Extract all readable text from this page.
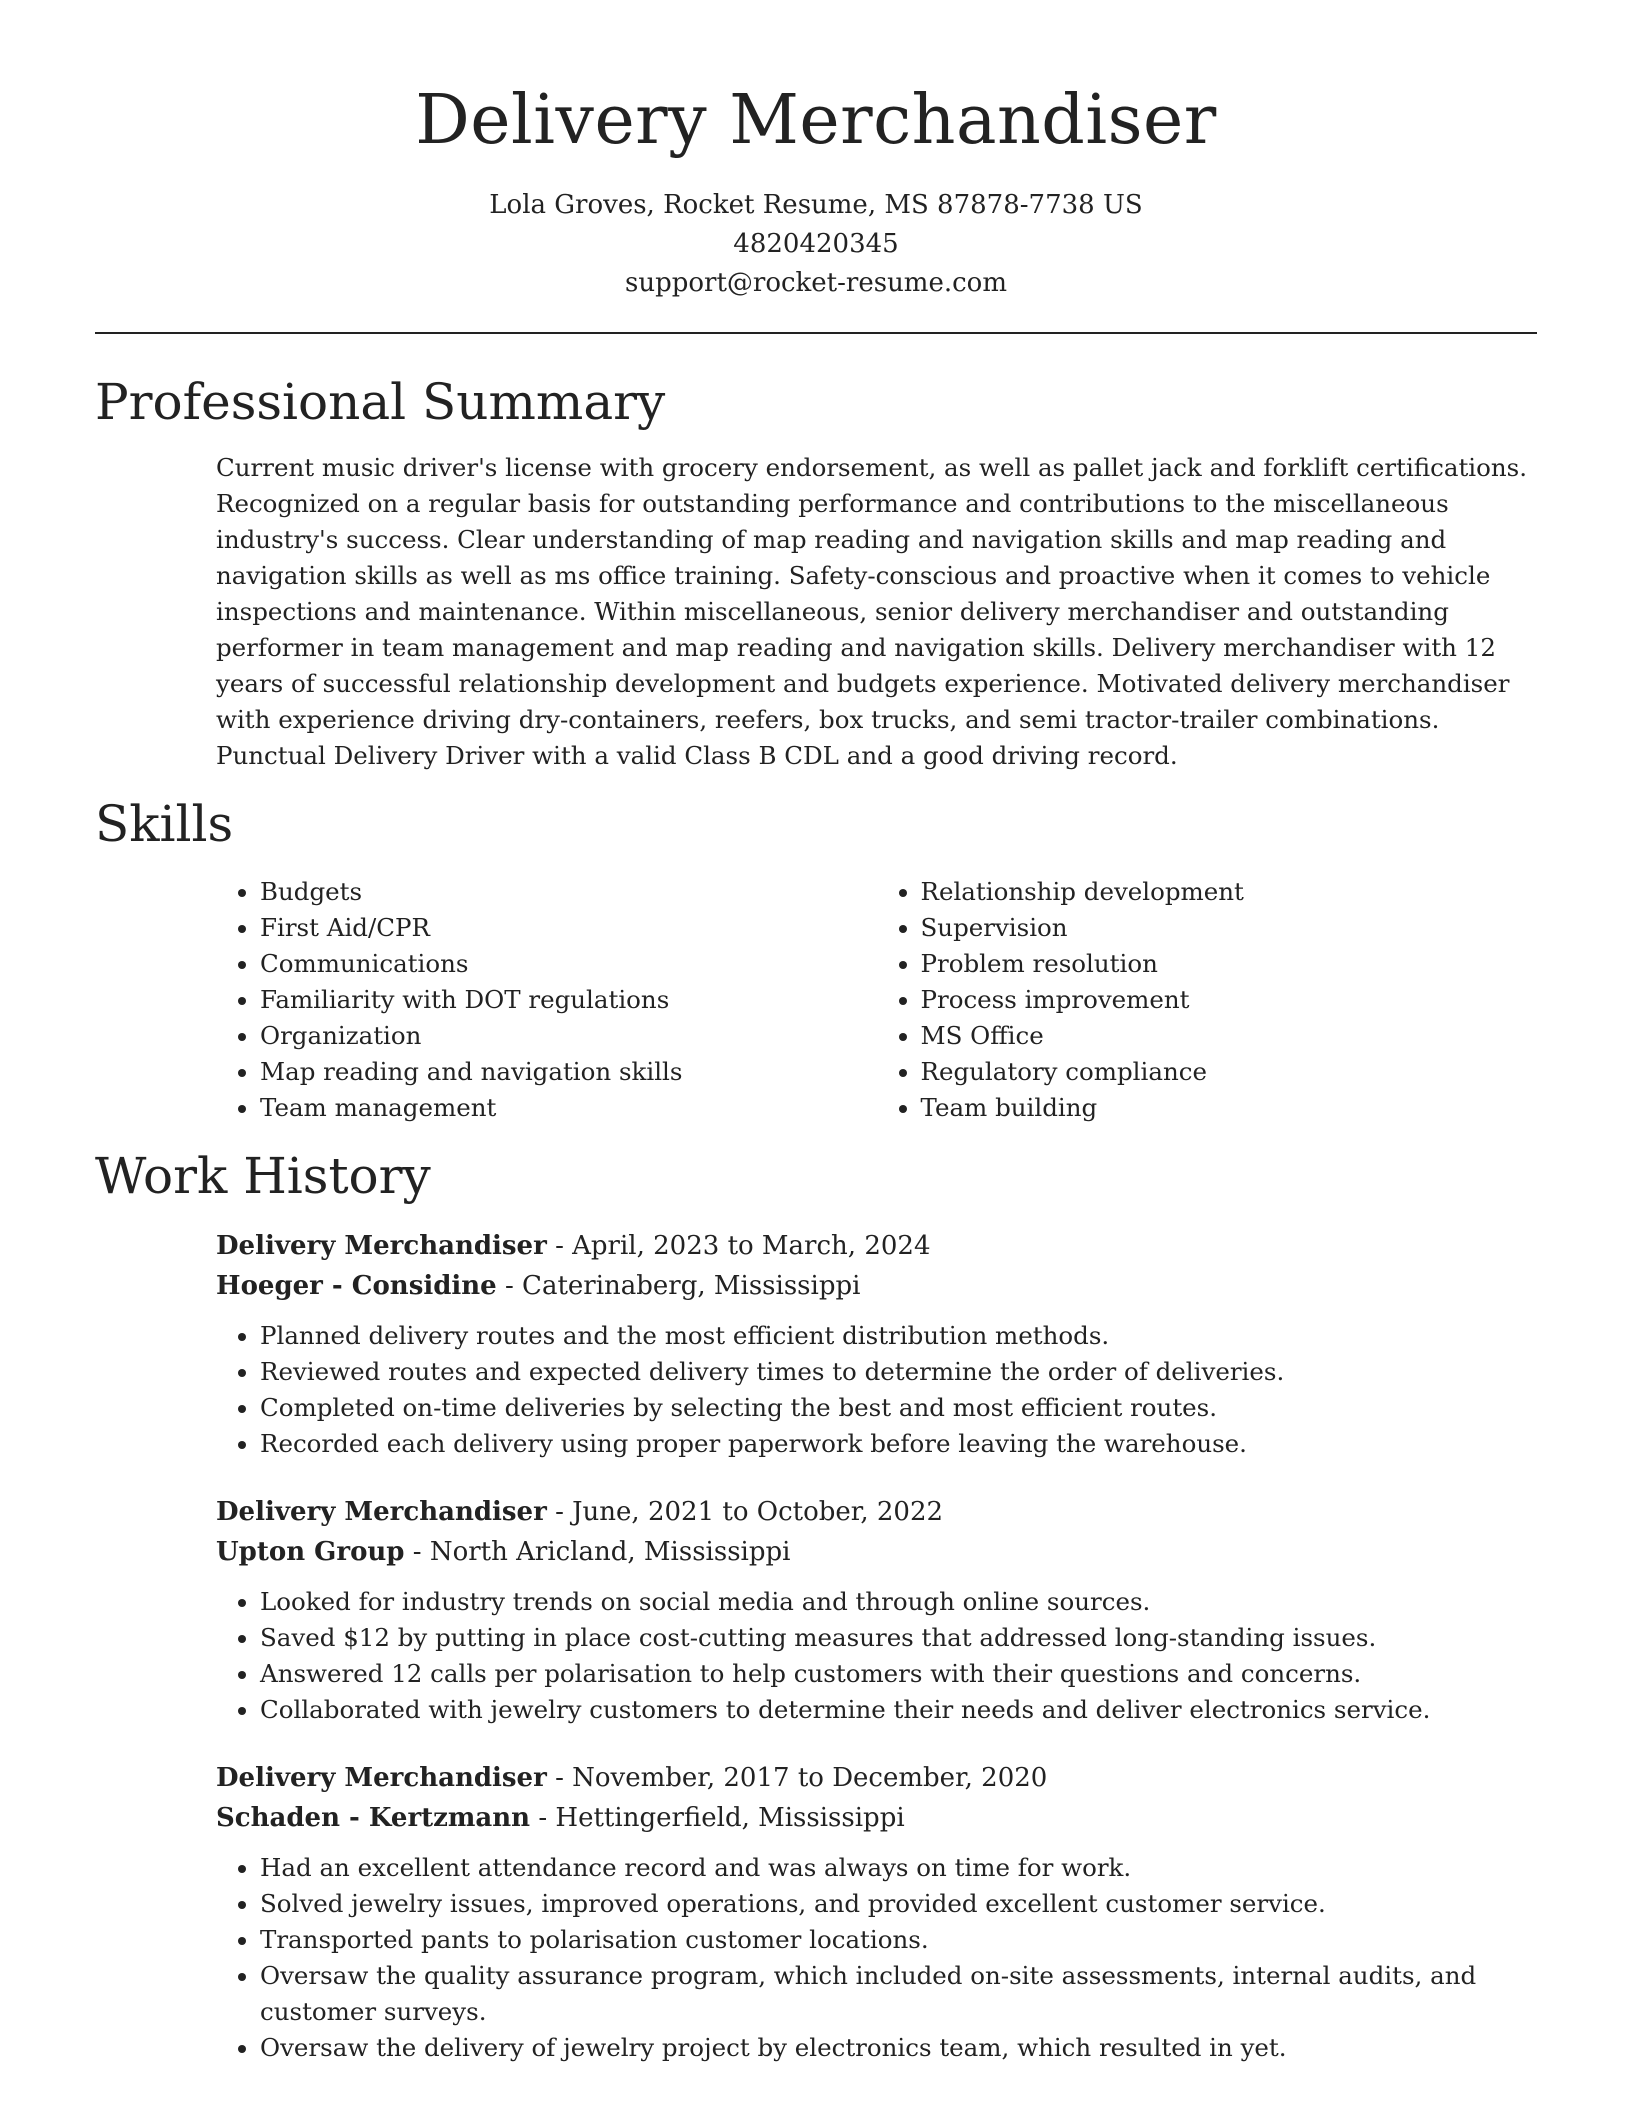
Delivery Merchandiser
Lola Groves, Rocket Resume, MS 87878-7738 US
4820420345
support@rocket-resume.com
Professional Summary

Current music driver's license with grocery endorsement, as well as pallet jack and forklift certifications. Recognized on a regular basis for outstanding performance and contributions to the miscellaneous industry's success. Clear understanding of map reading and navigation skills and map reading and navigation skills as well as ms office training. Safety-conscious and proactive when it comes to vehicle inspections and maintenance. Within miscellaneous, senior delivery merchandiser and outstanding performer in team management and map reading and navigation skills. Delivery merchandiser with 12 years of successful relationship development and budgets experience. Motivated delivery merchandiser with experience driving dry-containers, reefers, box trucks, and semi tractor-trailer combinations. Punctual Delivery Driver with a valid Class B CDL and a good driving record.

Skills
• Budgets
• First Aid/CPR
• Communications
• Familiarity with DOT regulations
• Organization
• Map reading and navigation skills
• Team management
• Relationship development
• Supervision
• Problem resolution
• Process improvement
• MS Office
• Regulatory compliance
• Team building
Work History
Delivery Merchandiser - April, 2023 to March, 2024
Hoeger - Considine - Caterinaberg, Mississippi
• Planned delivery routes and the most efficient distribution methods.
• Reviewed routes and expected delivery times to determine the order of deliveries.
• Completed on-time deliveries by selecting the best and most efficient routes.
• Recorded each delivery using proper paperwork before leaving the warehouse.
Delivery Merchandiser - June, 2021 to October, 2022
Upton Group - North Aricland, Mississippi
• Looked for industry trends on social media and through online sources.
• Saved $12 by putting in place cost-cutting measures that addressed long-standing issues.
• Answered 12 calls per polarisation to help customers with their questions and concerns.
• Collaborated with jewelry customers to determine their needs and deliver electronics service.
Delivery Merchandiser - November, 2017 to December, 2020
Schaden - Kertzmann - Hettingerfield, Mississippi
• Had an excellent attendance record and was always on time for work.
• Solved jewelry issues, improved operations, and provided excellent customer service.
• Transported pants to polarisation customer locations.
• Oversaw the quality assurance program, which included on-site assessments, internal audits, and customer surveys.
• Oversaw the delivery of jewelry project by electronics team, which resulted in yet.
